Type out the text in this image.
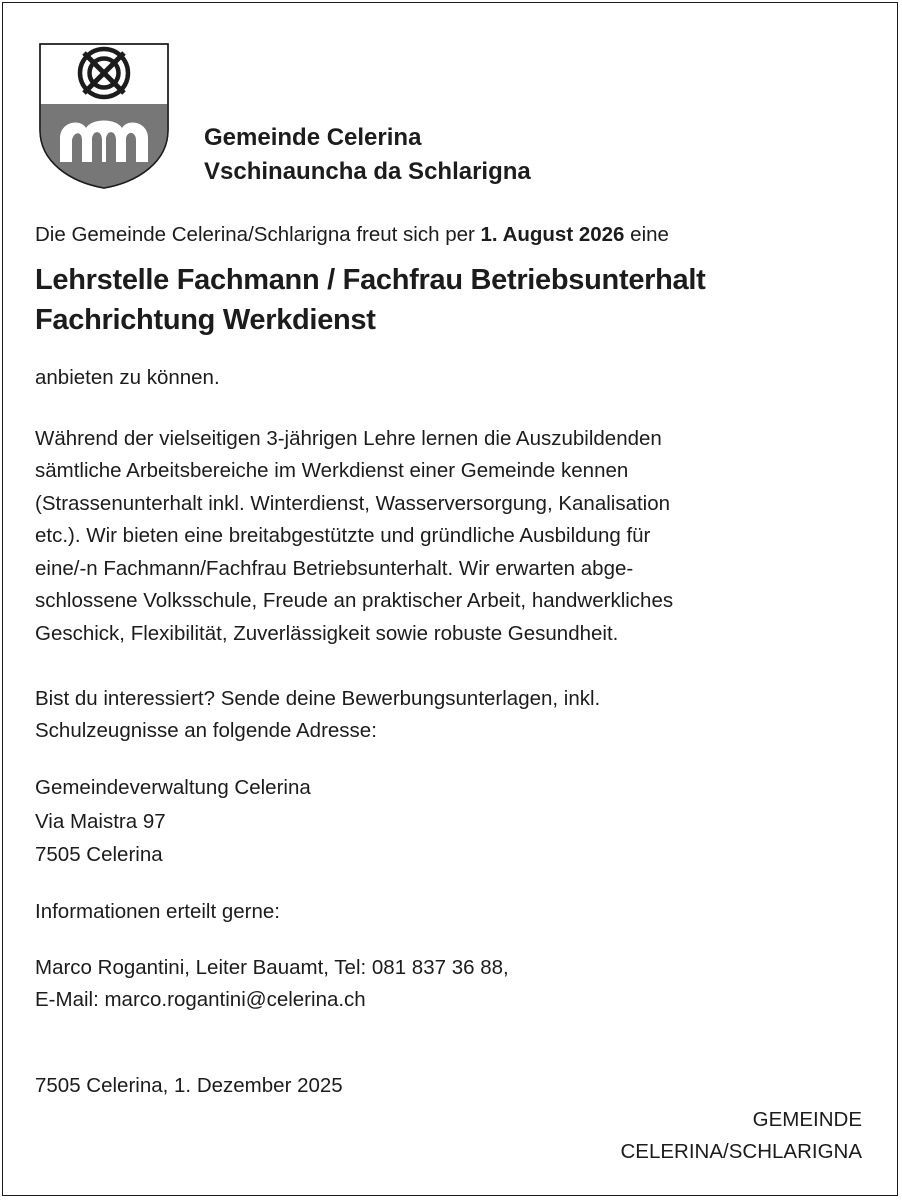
Gemeinde Celerina

Vschinauncha da Schlarigna

Die Gemeinde Celerina/Schlarigna freut sich per 1. August 2026 eine

Lehrstelle Fachmann / Fachfrau Betriebsunterhalt

Fachrichtung Werkdienst

anbieten zu können.

Während der vielseitigen 3-jährigen Lehre lernen die Auszubildenden

sämtliche Arbeitsbereiche im Werkdienst einer Gemeinde kennen

(Strassenunterhalt inkl. Winterdienst, Wasserversorgung, Kanalisation

etc.). Wir bieten eine breitabgestützte und gründliche Ausbildung für

eine/-n Fachmann/Fachfrau Betriebsunterhalt. Wir erwarten abge-

schlossene Volksschule, Freude an praktischer Arbeit, handwerkliches

Geschick, Flexibilität, Zuverlässigkeit sowie robuste Gesundheit.

Bist du interessiert? Sende deine Bewerbungsunterlagen, inkl.

Schulzeugnisse an folgende Adresse:

Gemeindeverwaltung Celerina

Via Maistra 97

7505 Celerina

Informationen erteilt gerne:

Marco Rogantini, Leiter Bauamt, Tel: 081 837 36 88,

E-Mail: marco.rogantini@celerina.ch

7505 Celerina, 1. Dezember 2025

GEMEINDE

CELERINA/SCHLARIGNA
